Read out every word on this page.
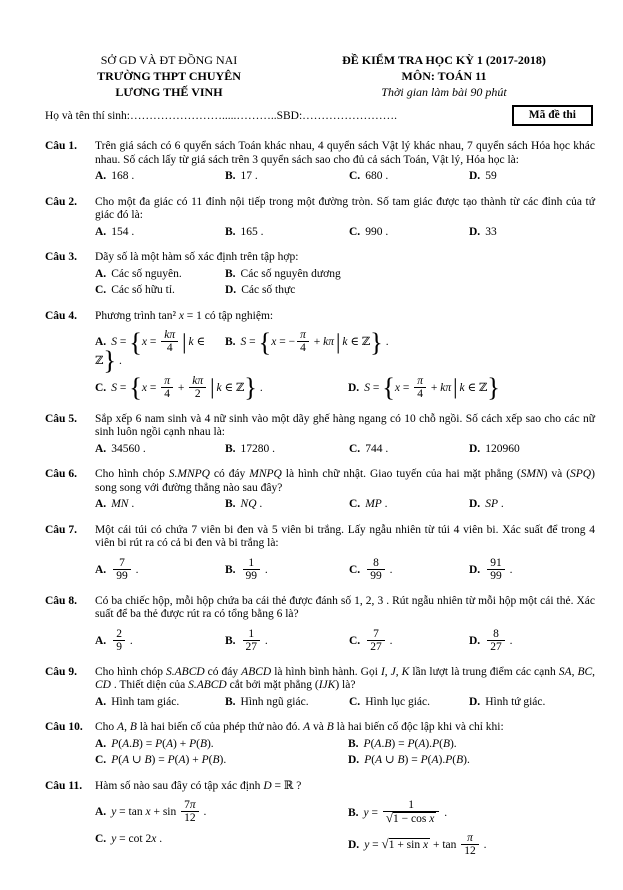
SỞ GD VÀ ĐT ĐỒNG NAI
TRƯỜNG THPT CHUYÊN
LƯƠNG THẾ VINH
ĐỀ KIỂM TRA HỌC KỲ 1 (2017-2018)
MÔN: TOÁN 11
Thời gian làm bài 90 phút
Họ và tên thí sinh:…………………….....………..SBD:…………………….	Mã đề thi
Câu 1. Trên giá sách có 6 quyển sách Toán khác nhau, 4 quyển sách Vật lý khác nhau, 7 quyển sách Hóa học khác nhau. Số cách lấy từ giá sách trên 3 quyển sách sao cho đủ cả sách Toán, Vật lý, Hóa học là:
A. 168 .	B. 17 .	C. 680 .	D. 59
Câu 2. Cho một đa giác có 11 đỉnh nội tiếp trong một đường tròn. Số tam giác được tạo thành từ các đỉnh của tứ giác đó là:
A. 154 .	B. 165 .	C. 990 .	D. 33
Câu 3. Dãy số là một hàm số xác định trên tập hợp:
A. Các số nguyên.	B. Các số nguyên dương
C. Các số hữu tỉ.	D. Các số thực
Câu 4. Phương trình tan² x = 1 có tập nghiệm:
A. $S = \{x = \frac{k\pi}{4}$ | k ∈ ℤ} .
B. S = {x = − $\frac{\pi}{4} + k\pi|$ k ∈ ℤ} .
C. $S = \{x = \frac{\pi}{4} + \frac{k\pi}{2}$ | k ∈ ℤ} .	D. $S = \{x = \frac{\pi}{4} + k\pi|$ k ∈ ℤ}
Câu 5. Sắp xếp 6 nam sinh và 4 nữ sinh vào một dãy ghế hàng ngang có 10 chỗ ngồi. Số cách xếp sao cho các nữ sinh luôn ngồi cạnh nhau là:
A. 34560 .	B. 17280 .	C. 744 .	D. 120960
Câu 6. Cho hình chóp S.MNPQ có đáy MNPQ là hình chữ nhật. Giao tuyến của hai mặt phẳng (SMN) và (SPQ) song song với đường thẳng nào sau đây?
A. MN .	B. NQ .	C. MP .	D. SP .
Câu 7. Một cái túi có chứa 7 viên bi đen và 5 viên bi trắng. Lấy ngẫu nhiên từ túi 4 viên bi. Xác suất để trong 4 viên bi rút ra có cả bi đen và bi trắng là:
A. $\frac{7}{99}$ .	B. $\frac{1}{99}$ .	C. $\frac{8}{99}$ .	D. $\frac{91}{99}$ .
Câu 8. Có ba chiếc hộp, mỗi hộp chứa ba cái thẻ được đánh số 1, 2, 3 . Rút ngẫu nhiên từ mỗi hộp một cái thẻ. Xác suất để ba thẻ được rút ra có tổng bằng 6 là?
A. $\frac{2}{9}$ .	B. $\frac{1}{27}$ .	C. $\frac{7}{27}$ .	D. $\frac{8}{27}$ .
Câu 9. Cho hình chóp S.ABCD có đáy ABCD là hình bình hành. Gọi I, J, K lần lượt là trung điểm các cạnh SA, BC, CD . Thiết diện của S.ABCD cắt bởi mặt phẳng (IJK) là?
A. Hình tam giác.	B. Hình ngũ giác.	C. Hình lục giác.	D. Hình tứ giác.
Câu 10. Cho A, B là hai biến cố của phép thử nào đó. A và B là hai biến cố độc lập khi và chỉ khi:
A. P(A.B) = P(A) + P(B).	B. P(A.B) = P(A).P(B).
C. P(A ∪ B) = P(A) + P(B).	D. P(A ∪ B) = P(A).P(B).
Câu 11. Hàm số nào sau đây có tập xác định D = ℝ ?
A. $y = \tan x + \sin \frac{7\pi}{12}$ .	B. $y = \frac{1}{\text{√1 − cos x}}$ .
C. y = cot 2x .
D. $y = √1 + \sin x + \tan \frac{\pi}{12}$ .
